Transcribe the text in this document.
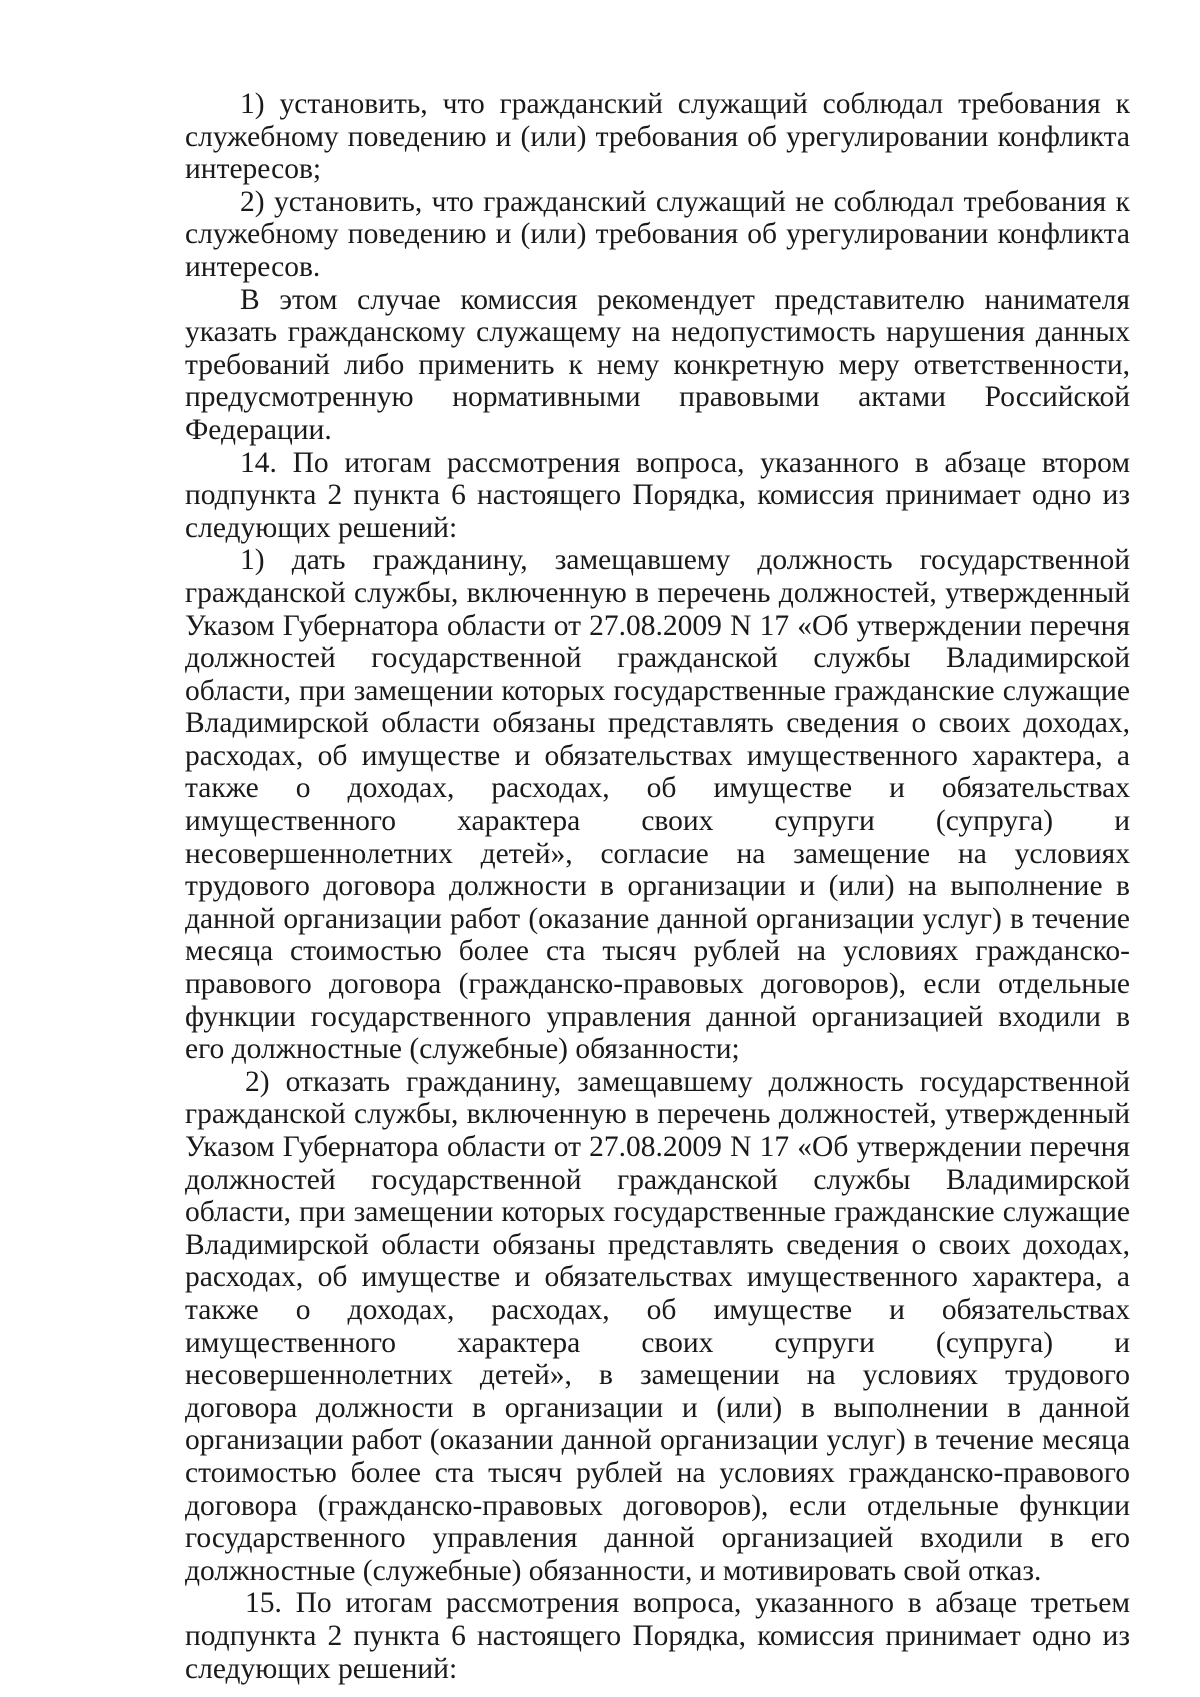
1) установить, что гражданский служащий соблюдал требования к служебному поведению и (или) требования об урегулировании конфликта интересов;

2) установить, что гражданский служащий не соблюдал требования к служебному поведению и (или) требования об урегулировании конфликта интересов.

В этом случае комиссия рекомендует представителю нанимателя указать гражданскому служащему на недопустимость нарушения данных требований либо применить к нему конкретную меру ответственности, предусмотренную нормативными правовыми актами Российской Федерации.

14. По итогам рассмотрения вопроса, указанного в абзаце втором подпункта 2 пункта 6 настоящего Порядка, комиссия принимает одно из следующих решений:

1) дать гражданину, замещавшему должность государственной гражданской службы, включенную в перечень должностей, утвержденный Указом Губернатора области от 27.08.2009 N 17 «Об утверждении перечня должностей государственной гражданской службы Владимирской области, при замещении которых государственные гражданские служащие Владимирской области обязаны представлять сведения о своих доходах, расходах, об имуществе и обязательствах имущественного характера, а также о доходах, расходах, об имуществе и обязательствах имущественного характера своих супруги (супруга) и несовершеннолетних детей», согласие на замещение на условиях трудового договора должности в организации и (или) на выполнение в данной организации работ (оказание данной организации услуг) в течение месяца стоимостью более ста тысяч рублей на условиях гражданско-правового договора (гражданско-правовых договоров), если отдельные функции государственного управления данной организацией входили в его должностные (служебные) обязанности;

2) отказать гражданину, замещавшему должность государственной гражданской службы, включенную в перечень должностей, утвержденный Указом Губернатора области от 27.08.2009 N 17 «Об утверждении перечня должностей государственной гражданской службы Владимирской области, при замещении которых государственные гражданские служащие Владимирской области обязаны представлять сведения о своих доходах, расходах, об имуществе и обязательствах имущественного характера, а также о доходах, расходах, об имуществе и обязательствах имущественного характера своих супруги (супруга) и несовершеннолетних детей», в замещении на условиях трудового договора должности в организации и (или) в выполнении в данной организации работ (оказании данной организации услуг) в течение месяца стоимостью более ста тысяч рублей на условиях гражданско-правового договора (гражданско-правовых договоров), если отдельные функции государственного управления данной организацией входили в его должностные (служебные) обязанности, и мотивировать свой отказ.

15. По итогам рассмотрения вопроса, указанного в абзаце третьем подпункта 2 пункта 6 настоящего Порядка, комиссия принимает одно из следующих решений:
